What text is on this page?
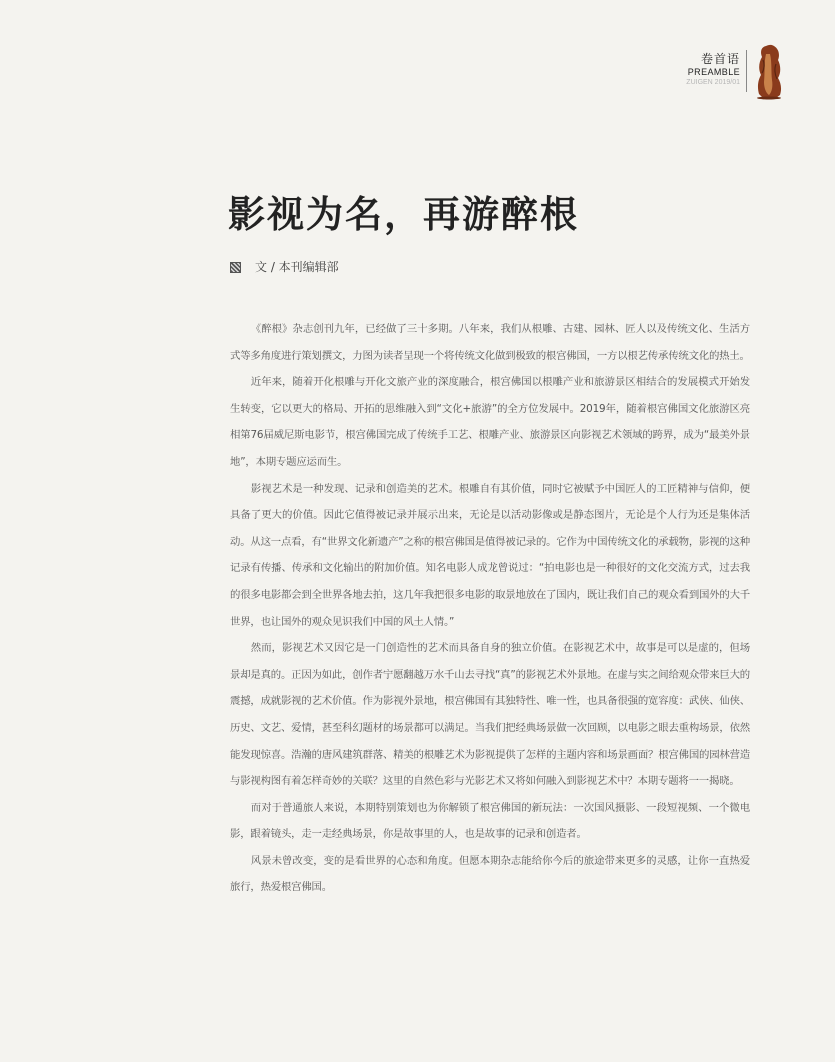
卷首语
PREAMBLE
ZUIGEN 2019/01
影视为名，再游醉根
文 / 本刊编辑部

《醉根》杂志创刊九年，已经做了三十多期。八年来，我们从根雕、古建、园林、匠人以及传统文化、生活方式等多角度进行策划撰文，力图为读者呈现一个将传统文化做到极致的根宫佛国，一方以根艺传承传统文化的热土。

近年来，随着开化根雕与开化文旅产业的深度融合，根宫佛国以根雕产业和旅游景区相结合的发展模式开始发生转变，它以更大的格局、开拓的思维融入到“文化+旅游”的全方位发展中。2019年，随着根宫佛国文化旅游区亮相第76届威尼斯电影节，根宫佛国完成了传统手工艺、根雕产业、旅游景区向影视艺术领域的跨界，成为“最美外景地”，本期专题应运而生。

影视艺术是一种发现、记录和创造美的艺术。根雕自有其价值，同时它被赋予中国匠人的工匠精神与信仰，便具备了更大的价值。因此它值得被记录并展示出来，无论是以活动影像或是静态图片，无论是个人行为还是集体活动。从这一点看，有“世界文化新遗产”之称的根宫佛国是值得被记录的。它作为中国传统文化的承载物，影视的这种记录有传播、传承和文化输出的附加价值。知名电影人成龙曾说过：“拍电影也是一种很好的文化交流方式，过去我的很多电影都会到全世界各地去拍，这几年我把很多电影的取景地放在了国内，既让我们自己的观众看到国外的大千世界，也让国外的观众见识我们中国的风土人情。”

然而，影视艺术又因它是一门创造性的艺术而具备自身的独立价值。在影视艺术中，故事是可以是虚的，但场景却是真的。正因为如此，创作者宁愿翻越万水千山去寻找“真”的影视艺术外景地。在虚与实之间给观众带来巨大的震撼，成就影视的艺术价值。作为影视外景地，根宫佛国有其独特性、唯一性，也具备很强的宽容度：武侠、仙侠、历史、文艺、爱情，甚至科幻题材的场景都可以满足。当我们把经典场景做一次回顾，以电影之眼去重构场景，依然能发现惊喜。浩瀚的唐风建筑群落、精美的根雕艺术为影视提供了怎样的主题内容和场景画面？根宫佛国的园林营造与影视构图有着怎样奇妙的关联？这里的自然色彩与光影艺术又将如何融入到影视艺术中？本期专题将一一揭晓。

而对于普通旅人来说，本期特别策划也为你解锁了根宫佛国的新玩法：一次国风摄影、一段短视频、一个微电影，跟着镜头，走一走经典场景，你是故事里的人，也是故事的记录和创造者。

风景未曾改变，变的是看世界的心态和角度。但愿本期杂志能给你今后的旅途带来更多的灵感，让你一直热爱旅行，热爱根宫佛国。
